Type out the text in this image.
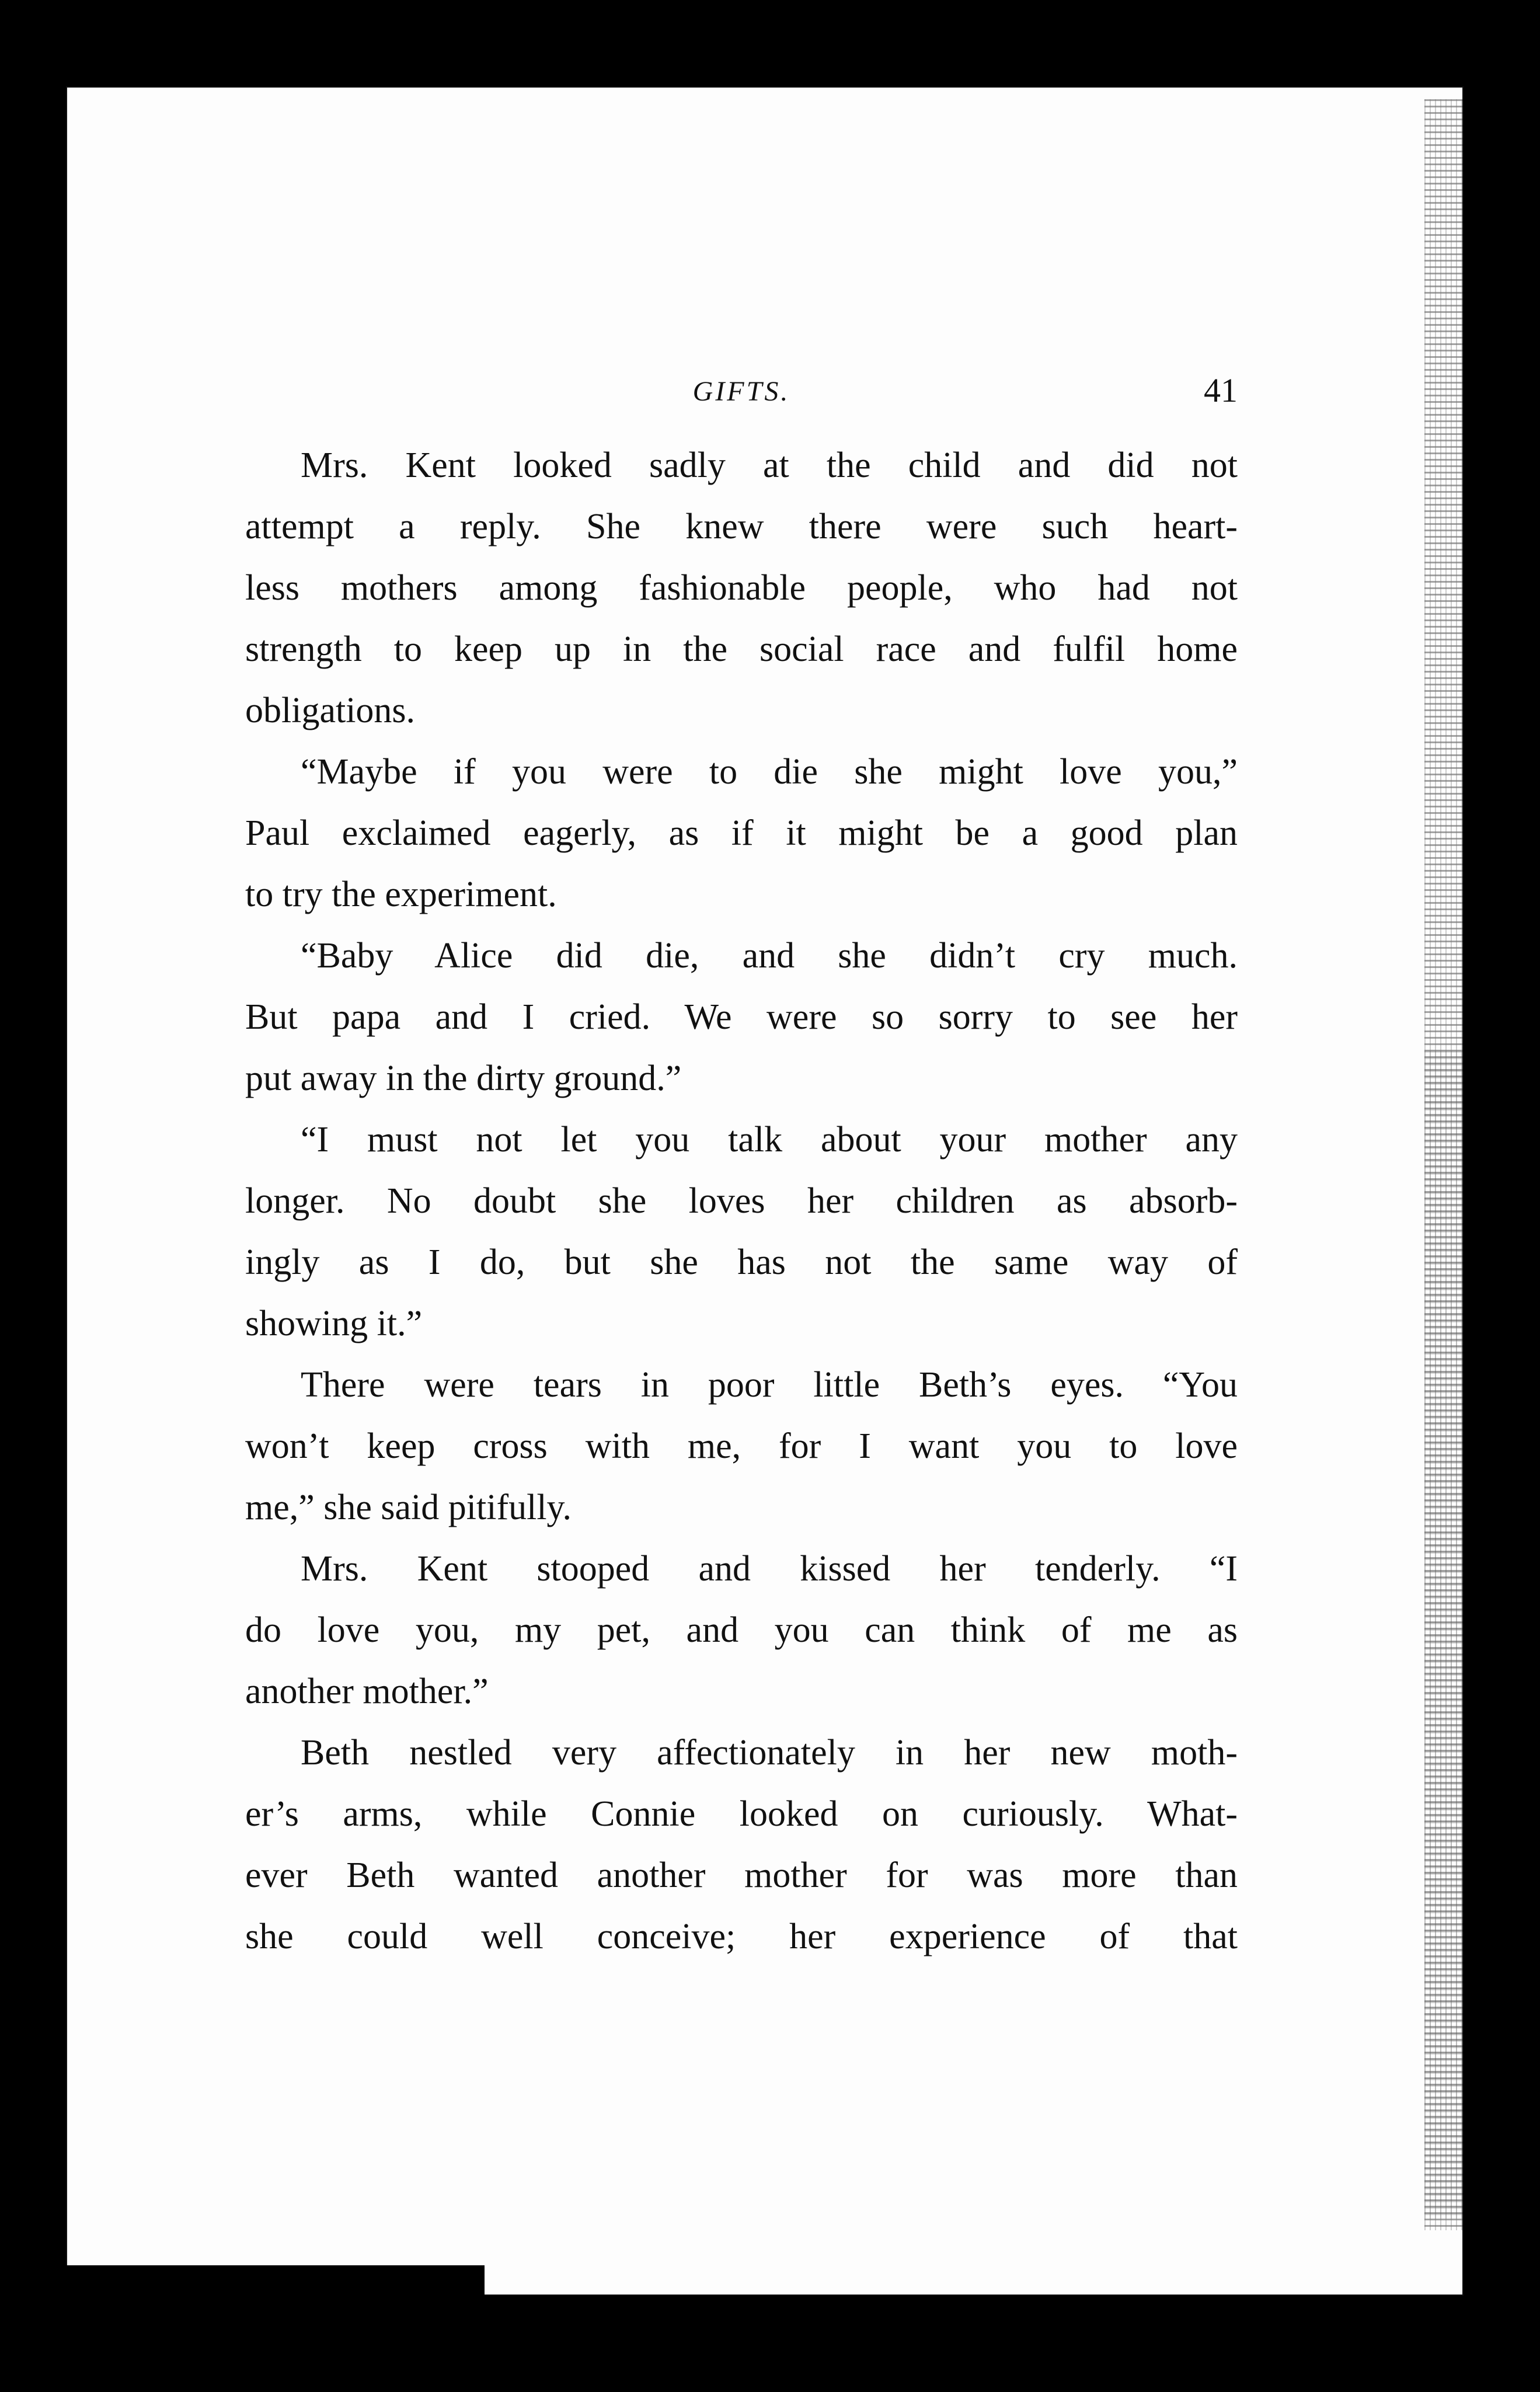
GIFTS.	41
Mrs. Kent looked sadly at the child and did not
attempt a reply. She knew there were such heart-
less mothers among fashionable people, who had not
strength to keep up in the social race and fulfil home
obligations.
“Maybe if you were to die she might love you,”
Paul exclaimed eagerly, as if it might be a good plan
to try the experiment.
“Baby Alice did die, and she didn’t cry much.
But papa and I cried. We were so sorry to see her
put away in the dirty ground.”
“I must not let you talk about your mother any
longer. No doubt she loves her children as absorb-
ingly as I do, but she has not the same way of
showing it.”
There were tears in poor little Beth’s eyes. “You
won’t keep cross with me, for I want you to love
me,” she said pitifully.
Mrs. Kent stooped and kissed her tenderly. “I
do love you, my pet, and you can think of me as
another mother.”
Beth nestled very affectionately in her new moth-
er’s arms, while Connie looked on curiously. What-
ever Beth wanted another mother for was more than
she could well conceive; her experience of that
